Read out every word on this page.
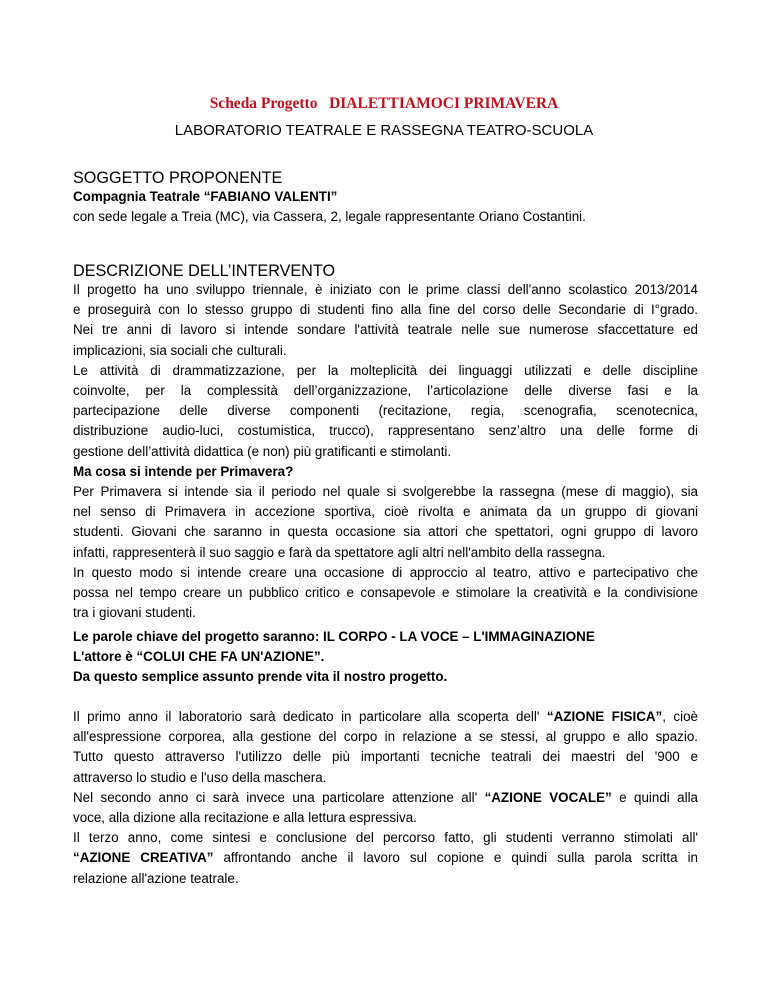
Scheda Progetto   DIALETTIAMOCI PRIMAVERA
LABORATORIO TEATRALE E RASSEGNA TEATRO-SCUOLA
SOGGETTO PROPONENTE
Compagnia Teatrale “FABIANO VALENTI”
con sede legale a Treia (MC), via Cassera, 2, legale rappresentante Oriano Costantini.
DESCRIZIONE DELL’INTERVENTO
Il progetto ha uno sviluppo triennale, è iniziato con le prime classi dell'anno scolastico 2013/2014
e proseguirà con lo stesso gruppo di studenti fino alla fine del corso delle Secondarie di I°grado.
Nei tre anni di lavoro si intende sondare l'attività teatrale nelle sue numerose sfaccettature ed
implicazioni, sia sociali che culturali.
Le attività di drammatizzazione, per la molteplicità dei linguaggi utilizzati e delle discipline
coinvolte, per la complessità dell’organizzazione, l’articolazione delle diverse fasi e la
partecipazione delle diverse componenti (recitazione, regia, scenografia, scenotecnica,
distribuzione audio-luci, costumistica, trucco), rappresentano senz’altro una delle forme di
gestione dell’attività didattica (e non) più gratificanti e stimolanti.
Ma cosa si intende per Primavera?
Per Primavera si intende sia il periodo nel quale si svolgerebbe la rassegna (mese di maggio), sia
nel senso di Primavera in accezione sportiva, cioè rivolta e animata da un gruppo di giovani
studenti. Giovani che saranno in questa occasione sia attori che spettatori, ogni gruppo di lavoro
infatti, rappresenterà il suo saggio e farà da spettatore agli altri nell'ambito della rassegna.
In questo modo si intende creare una occasione di approccio al teatro, attivo e partecipativo che
possa nel tempo creare un pubblico critico e consapevole e stimolare la creatività e la condivisione
tra i giovani studenti.
Le parole chiave del progetto saranno: IL CORPO - LA VOCE – L'IMMAGINAZIONE
L'attore è “COLUI CHE FA UN'AZIONE”.
Da questo semplice assunto prende vita il nostro progetto.
Il primo anno il laboratorio sarà dedicato in particolare alla scoperta dell' “AZIONE FISICA”, cioè
all'espressione corporea, alla gestione del corpo in relazione a se stessi, al gruppo e allo spazio.
Tutto questo attraverso l'utilizzo delle più importanti tecniche teatrali dei maestri del '900 e
attraverso lo studio e l'uso della maschera.
Nel secondo anno ci sarà invece una particolare attenzione all' “AZIONE VOCALE” e quindi alla
voce, alla dizione alla recitazione e alla lettura espressiva.
Il terzo anno, come sintesi e conclusione del percorso fatto, gli studenti verranno stimolati all'
“AZIONE CREATIVA” affrontando anche il lavoro sul copione e quindi sulla parola scritta in
relazione all'azione teatrale.
